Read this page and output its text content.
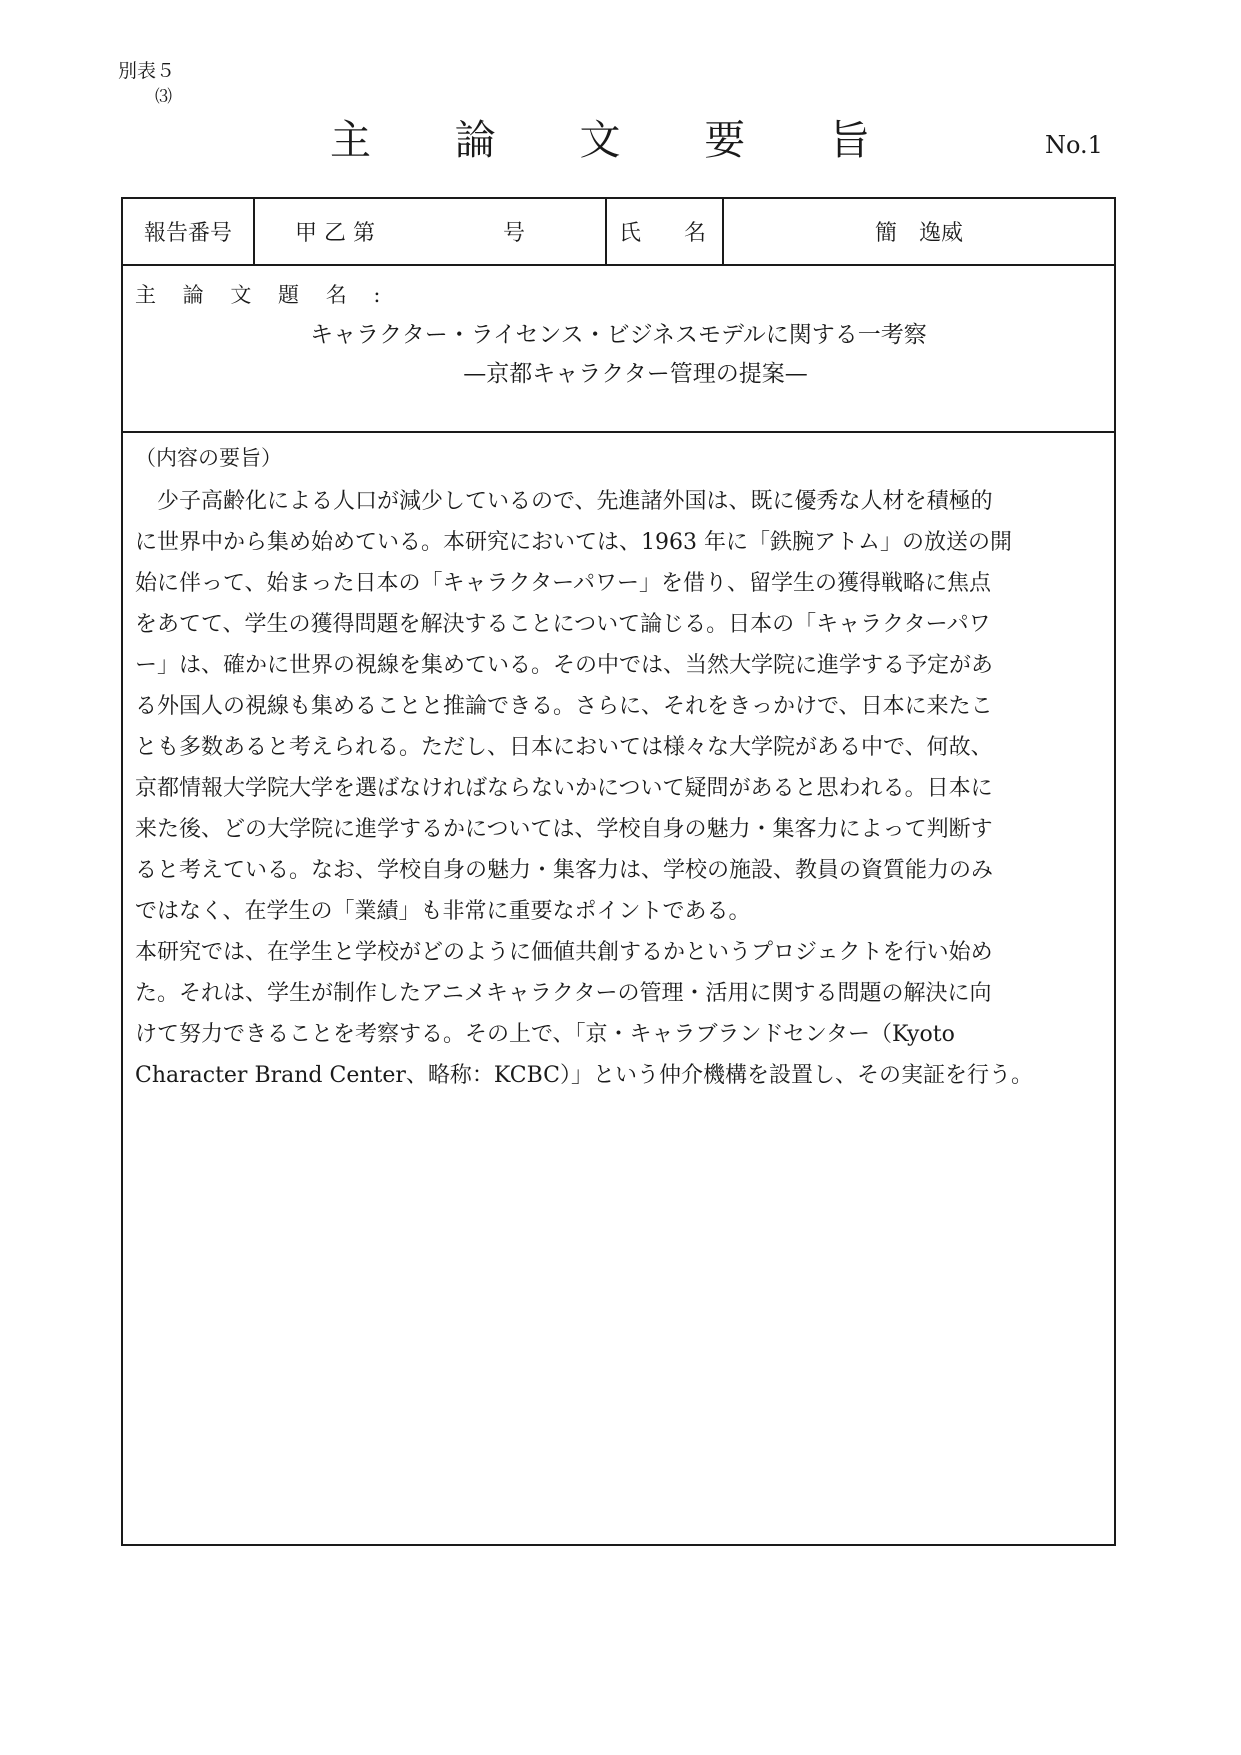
別表５
⑶
主 論 文 要 旨	No.1
報告番号	甲 乙 第	号	氏 名	簡 逸威
主 論 文 題 名 :
キャラクター・ライセンス・ビジネスモデルに関する一考察
—京都キャラクター管理の提案—
（内容の要旨）
少子高齢化による人口が減少しているので、先進諸外国は、既に優秀な人材を積極的
に世界中から集め始めている。本研究においては、1963 年に「鉄腕アトム」の放送の開
始に伴って、始まった日本の「キャラクターパワー」を借り、留学生の獲得戦略に焦点
をあてて、学生の獲得問題を解決することについて論じる。日本の「キャラクターパワ
ー」は、確かに世界の視線を集めている。その中では、当然大学院に進学する予定があ
る外国人の視線も集めることと推論できる。さらに、それをきっかけで、日本に来たこ
とも多数あると考えられる。ただし、日本においては様々な大学院がある中で、何故、
京都情報大学院大学を選ばなければならないかについて疑問があると思われる。日本に
来た後、どの大学院に進学するかについては、学校自身の魅力・集客力によって判断す
ると考えている。なお、学校自身の魅力・集客力は、学校の施設、教員の資質能力のみ
ではなく、在学生の「業績」も非常に重要なポイントである。
本研究では、在学生と学校がどのように価値共創するかというプロジェクトを行い始め
た。それは、学生が制作したアニメキャラクターの管理・活用に関する問題の解決に向
けて努力できることを考察する。その上で、「京・キャラブランドセンター（Kyoto
Character Brand Center、略称：KCBC）」という仲介機構を設置し、その実証を行う。
